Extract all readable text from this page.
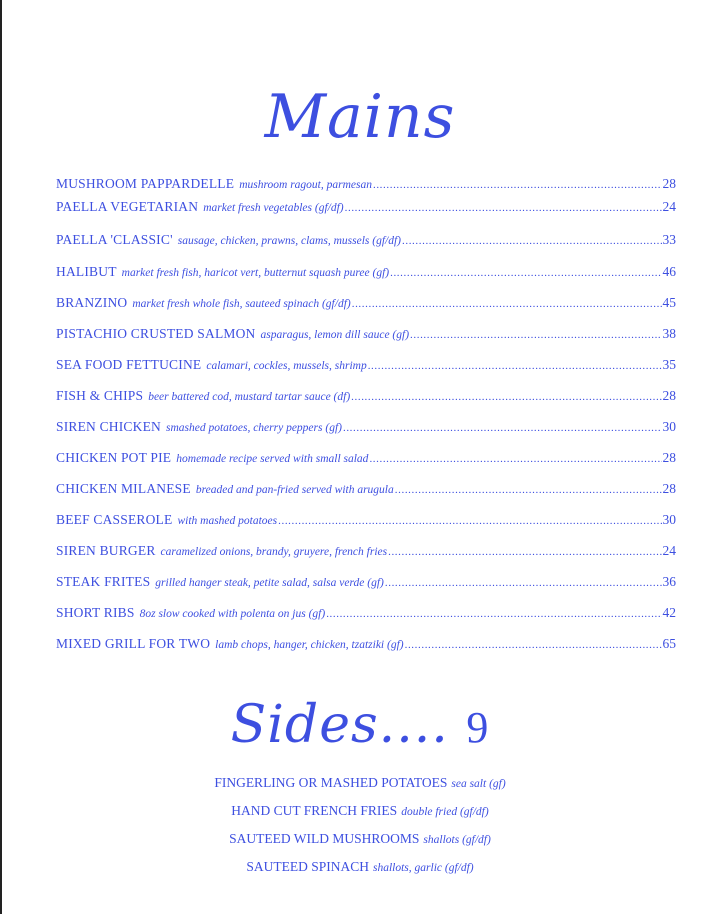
Mains
MUSHROOM PAPPARDELLE mushroom ragout, parmesan .....	28
PAELLA VEGETARIAN market fresh vegetables (gf/df) .....	24
PAELLA 'CLASSIC' sausage, chicken, prawns, clams, mussels (gf/df) .....	33
HALIBUT market fresh fish, haricot vert, butternut squash puree (gf) .....	46
BRANZINO market fresh whole fish, sauteed spinach (gf/df) .....	45
PISTACHIO CRUSTED SALMON asparagus, lemon dill sauce (gf) .....	38
SEA FOOD FETTUCINE calamari, cockles, mussels, shrimp .....	35
FISH & CHIPS beer battered cod, mustard tartar sauce (df) .....	28
SIREN CHICKEN smashed potatoes, cherry peppers (gf) .....	30
CHICKEN POT PIE homemade recipe served with small salad .....	28
CHICKEN MILANESE breaded and pan-fried served with arugula .....	28
BEEF CASSEROLE with mashed potatoes .....	30
SIREN BURGER caramelized onions, brandy, gruyere, french fries .....	24
STEAK FRITES grilled hanger steak, petite salad, salsa verde (gf) .....	36
SHORT RIBS 8oz slow cooked with polenta on jus (gf) .....	42
MIXED GRILL FOR TWO lamb chops, hanger, chicken, tzatziki (gf) .....	65
Sides.... 9
FINGERLING OR MASHED POTATOES sea salt (gf)
HAND CUT FRENCH FRIES double fried (gf/df)
SAUTEED WILD MUSHROOMS shallots (gf/df)
SAUTEED SPINACH shallots, garlic (gf/df)
